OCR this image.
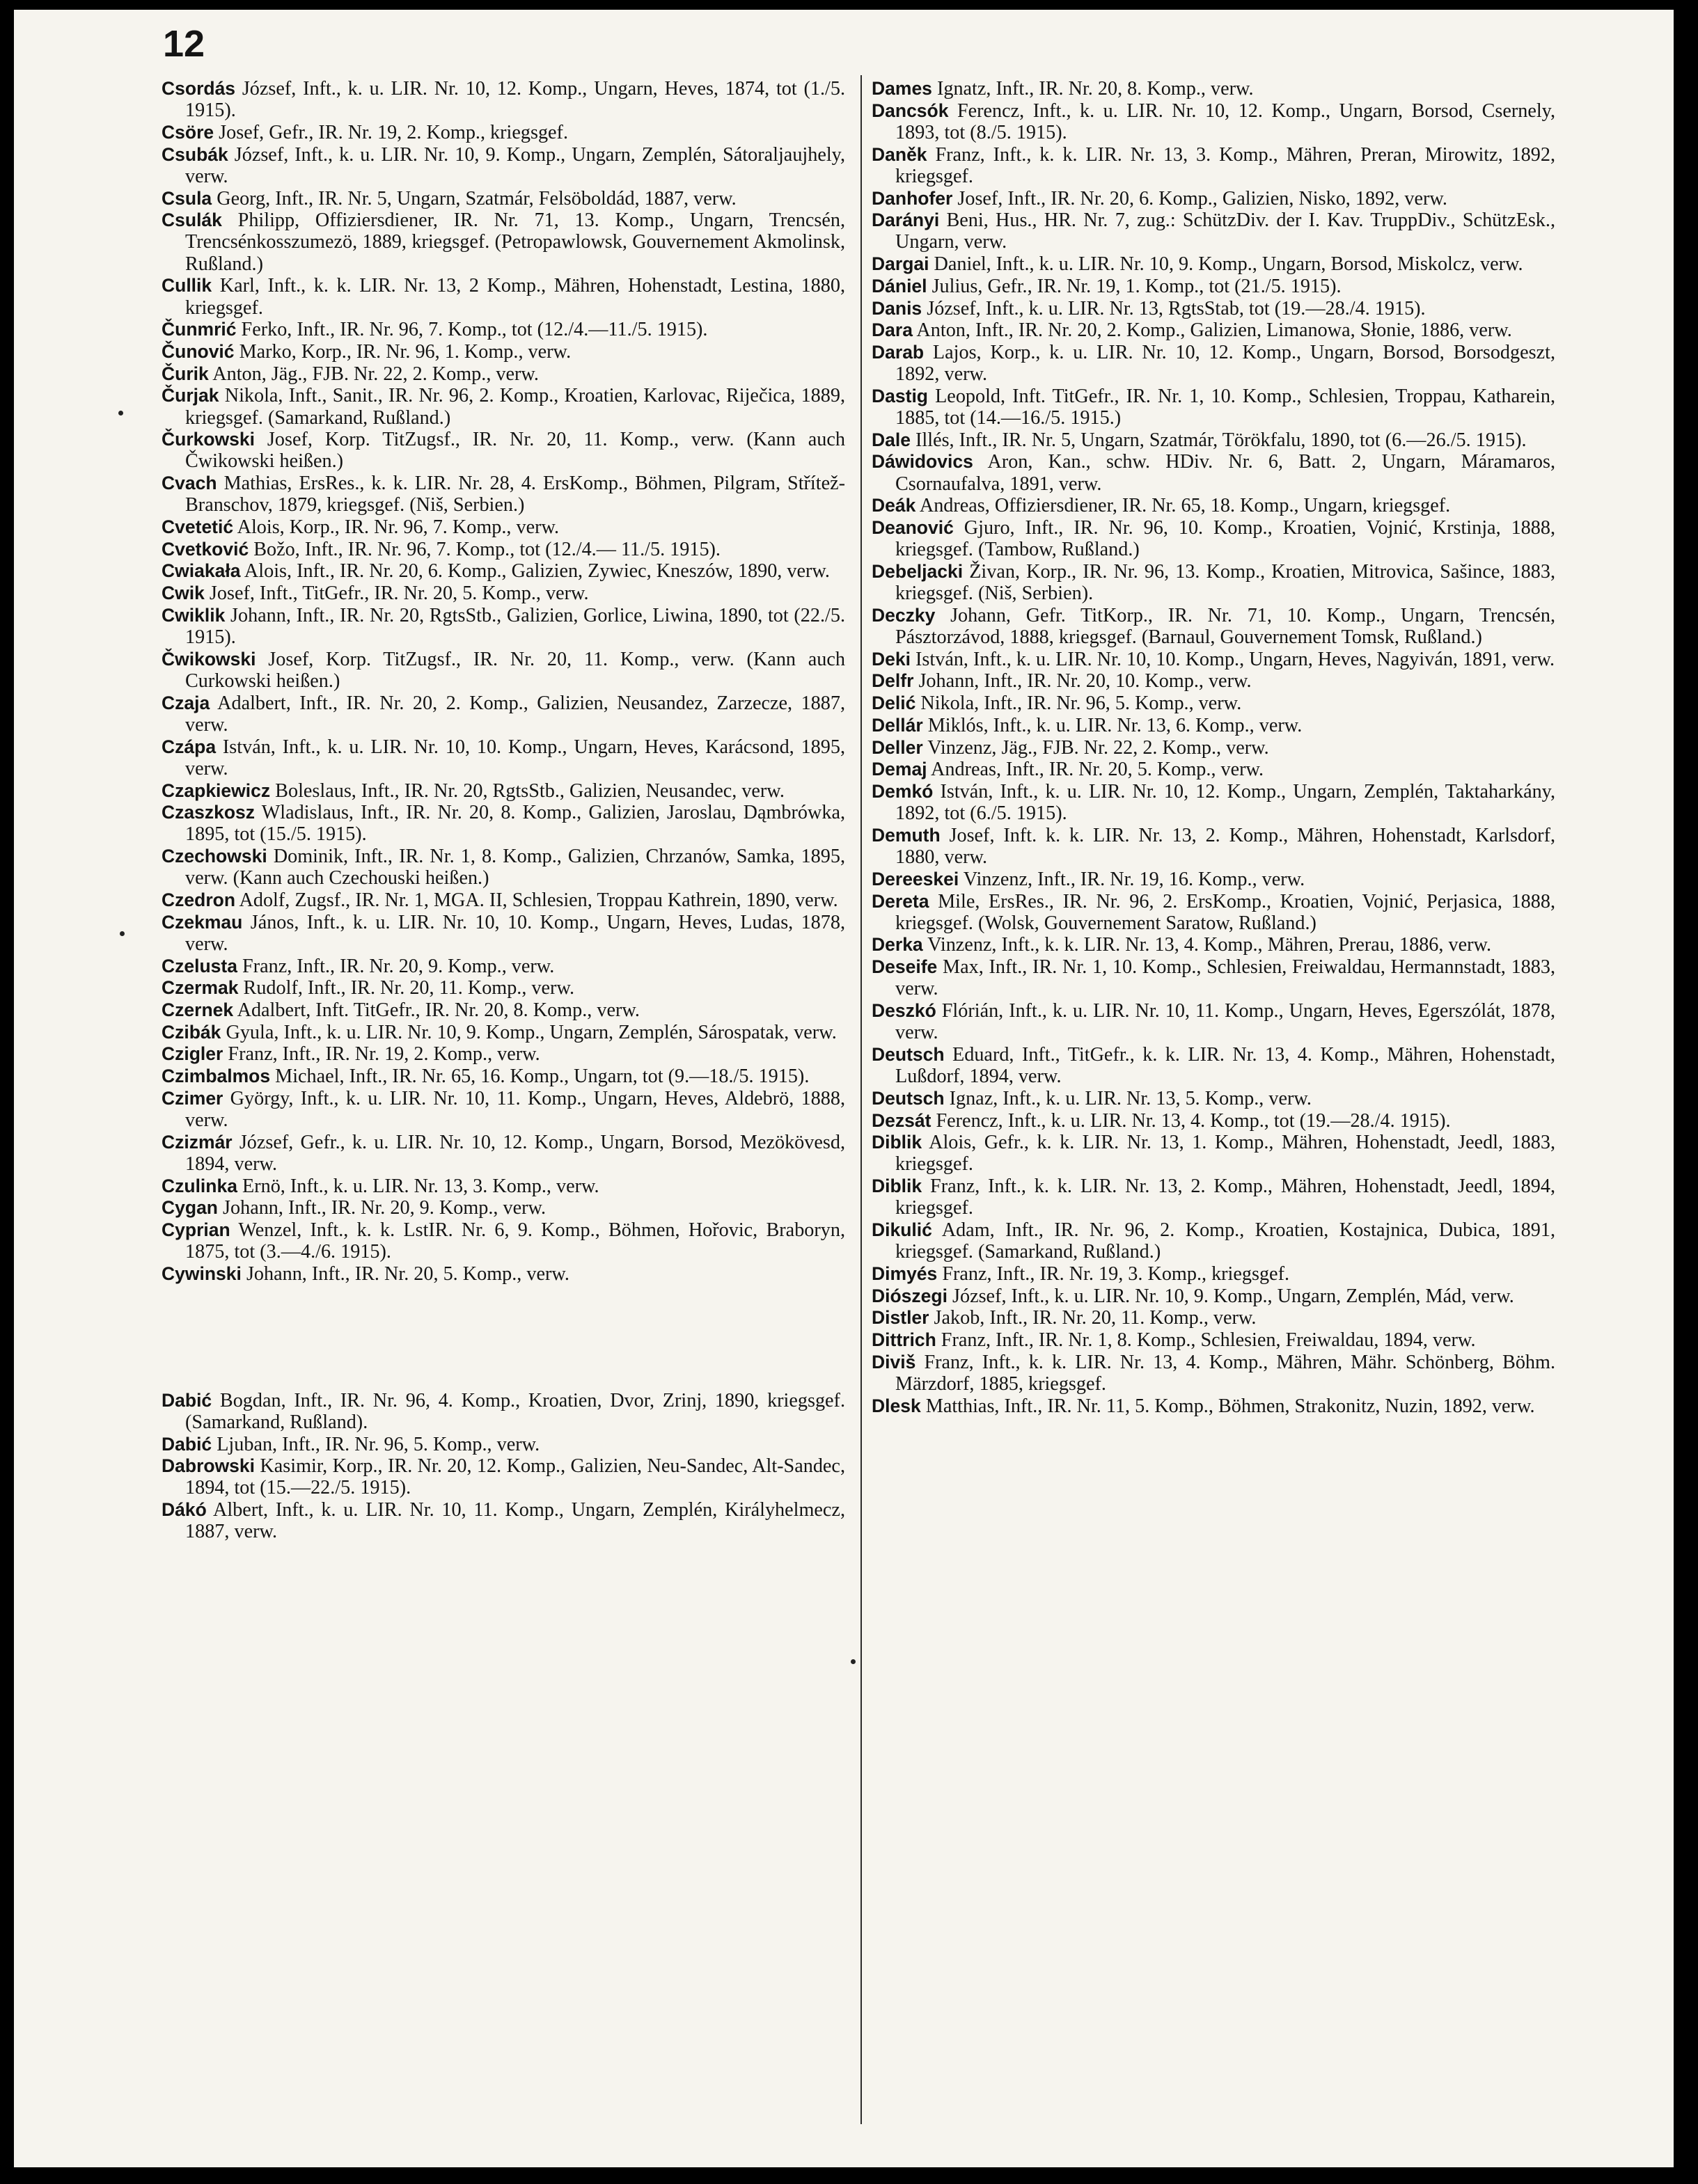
12
Csordás József, Inft., k. u. LIR. Nr. 10, 12. Komp., Ungarn, Heves, 1874, tot (1./5. 1915).
Csöre Josef, Gefr., IR. Nr. 19, 2. Komp., kriegsgef.
Csubák József, Inft., k. u. LIR. Nr. 10, 9. Komp., Ungarn, Zemplén, Sátoraljaujhely, verw.
Csula Georg, Inft., IR. Nr. 5, Ungarn, Szatmár, Felsöboldád, 1887, verw.
Csulák Philipp, Offiziersdiener, IR. Nr. 71, 13. Komp., Ungarn, Trencsén, Trencsénkosszumezö, 1889, kriegsgef. (Petropawlowsk, Gouvernement Akmolinsk, Rußland.)
Cullik Karl, Inft., k. k. LIR. Nr. 13, 2 Komp., Mähren, Hohenstadt, Lestina, 1880, kriegsgef.
Čunmrić Ferko, Inft., IR. Nr. 96, 7. Komp., tot (12./4.—11./5. 1915).
Čunović Marko, Korp., IR. Nr. 96, 1. Komp., verw.
Čurik Anton, Jäg., FJB. Nr. 22, 2. Komp., verw.
Čurjak Nikola, Inft., Sanit., IR. Nr. 96, 2. Komp., Kroatien, Karlovac, Riječica, 1889, kriegsgef. (Samarkand, Rußland.)
Čurkowski Josef, Korp. TitZugsf., IR. Nr. 20, 11. Komp., verw. (Kann auch Čwikowski heißen.)
Cvach Mathias, ErsRes., k. k. LIR. Nr. 28, 4. ErsKomp., Böhmen, Pilgram, Střítež-Branschov, 1879, kriegsgef. (Niš, Serbien.)
Cvetetić Alois, Korp., IR. Nr. 96, 7. Komp., verw.
Cvetković Božo, Inft., IR. Nr. 96, 7. Komp., tot (12./4.— 11./5. 1915).
Cwiakała Alois, Inft., IR. Nr. 20, 6. Komp., Galizien, Zywiec, Kneszów, 1890, verw.
Cwik Josef, Inft., TitGefr., IR. Nr. 20, 5. Komp., verw.
Cwiklik Johann, Inft., IR. Nr. 20, RgtsStb., Galizien, Gorlice, Liwina, 1890, tot (22./5. 1915).
Čwikowski Josef, Korp. TitZugsf., IR. Nr. 20, 11. Komp., verw. (Kann auch Curkowski heißen.)
Czaja Adalbert, Inft., IR. Nr. 20, 2. Komp., Galizien, Neusandez, Zarzecze, 1887, verw.
Czápa István, Inft., k. u. LIR. Nr. 10, 10. Komp., Ungarn, Heves, Karácsond, 1895, verw.
Czapkiewicz Boleslaus, Inft., IR. Nr. 20, RgtsStb., Galizien, Neusandec, verw.
Czaszkosz Wladislaus, Inft., IR. Nr. 20, 8. Komp., Galizien, Jaroslau, Dąmbrówka, 1895, tot (15./5. 1915).
Czechowski Dominik, Inft., IR. Nr. 1, 8. Komp., Galizien, Chrzanów, Samka, 1895, verw. (Kann auch Czechouski heißen.)
Czedron Adolf, Zugsf., IR. Nr. 1, MGA. II, Schlesien, Troppau Kathrein, 1890, verw.
Czekmau János, Inft., k. u. LIR. Nr. 10, 10. Komp., Ungarn, Heves, Ludas, 1878, verw.
Czelusta Franz, Inft., IR. Nr. 20, 9. Komp., verw.
Czermak Rudolf, Inft., IR. Nr. 20, 11. Komp., verw.
Czernek Adalbert, Inft. TitGefr., IR. Nr. 20, 8. Komp., verw.
Czibák Gyula, Inft., k. u. LIR. Nr. 10, 9. Komp., Ungarn, Zemplén, Sárospatak, verw.
Czigler Franz, Inft., IR. Nr. 19, 2. Komp., verw.
Czimbalmos Michael, Inft., IR. Nr. 65, 16. Komp., Ungarn, tot (9.—18./5. 1915).
Czimer György, Inft., k. u. LIR. Nr. 10, 11. Komp., Ungarn, Heves, Aldebrö, 1888, verw.
Czizmár József, Gefr., k. u. LIR. Nr. 10, 12. Komp., Ungarn, Borsod, Mezökövesd, 1894, verw.
Czulinka Ernö, Inft., k. u. LIR. Nr. 13, 3. Komp., verw.
Cygan Johann, Inft., IR. Nr. 20, 9. Komp., verw.
Cyprian Wenzel, Inft., k. k. LstIR. Nr. 6, 9. Komp., Böhmen, Hořovic, Braboryn, 1875, tot (3.—4./6. 1915).
Cywinski Johann, Inft., IR. Nr. 20, 5. Komp., verw.
Dabić Bogdan, Inft., IR. Nr. 96, 4. Komp., Kroatien, Dvor, Zrinj, 1890, kriegsgef. (Samarkand, Rußland).
Dabić Ljuban, Inft., IR. Nr. 96, 5. Komp., verw.
Dabrowski Kasimir, Korp., IR. Nr. 20, 12. Komp., Galizien, Neu-Sandec, Alt-Sandec, 1894, tot (15.—22./5. 1915).
Dákó Albert, Inft., k. u. LIR. Nr. 10, 11. Komp., Ungarn, Zemplén, Királyhelmecz, 1887, verw.
Dames Ignatz, Inft., IR. Nr. 20, 8. Komp., verw.
Dancsók Ferencz, Inft., k. u. LIR. Nr. 10, 12. Komp., Ungarn, Borsod, Csernely, 1893, tot (8./5. 1915).
Daněk Franz, Inft., k. k. LIR. Nr. 13, 3. Komp., Mähren, Preran, Mirowitz, 1892, kriegsgef.
Danhofer Josef, Inft., IR. Nr. 20, 6. Komp., Galizien, Nisko, 1892, verw.
Darányi Beni, Hus., HR. Nr. 7, zug.: SchützDiv. der I. Kav. TruppDiv., SchützEsk., Ungarn, verw.
Dargai Daniel, Inft., k. u. LIR. Nr. 10, 9. Komp., Ungarn, Borsod, Miskolcz, verw.
Dániel Julius, Gefr., IR. Nr. 19, 1. Komp., tot (21./5. 1915).
Danis József, Inft., k. u. LIR. Nr. 13, RgtsStab, tot (19.—28./4. 1915).
Dara Anton, Inft., IR. Nr. 20, 2. Komp., Galizien, Limanowa, Słonie, 1886, verw.
Darab Lajos, Korp., k. u. LIR. Nr. 10, 12. Komp., Ungarn, Borsod, Borsodgeszt, 1892, verw.
Dastig Leopold, Inft. TitGefr., IR. Nr. 1, 10. Komp., Schlesien, Troppau, Katharein, 1885, tot (14.—16./5. 1915.)
Dale Illés, Inft., IR. Nr. 5, Ungarn, Szatmár, Törökfalu, 1890, tot (6.—26./5. 1915).
Dáwidovics Aron, Kan., schw. HDiv. Nr. 6, Batt. 2, Ungarn, Máramaros, Csornaufalva, 1891, verw.
Deák Andreas, Offiziersdiener, IR. Nr. 65, 18. Komp., Ungarn, kriegsgef.
Deanović Gjuro, Inft., IR. Nr. 96, 10. Komp., Kroatien, Vojnić, Krstinja, 1888, kriegsgef. (Tambow, Rußland.)
Debeljacki Živan, Korp., IR. Nr. 96, 13. Komp., Kroatien, Mitrovica, Sašince, 1883, kriegsgef. (Niš, Serbien).
Deczky Johann, Gefr. TitKorp., IR. Nr. 71, 10. Komp., Ungarn, Trencsén, Pásztorzávod, 1888, kriegsgef. (Barnaul, Gouvernement Tomsk, Rußland.)
Deki István, Inft., k. u. LIR. Nr. 10, 10. Komp., Ungarn, Heves, Nagyiván, 1891, verw.
Delfr Johann, Inft., IR. Nr. 20, 10. Komp., verw.
Delić Nikola, Inft., IR. Nr. 96, 5. Komp., verw.
Dellár Miklós, Inft., k. u. LIR. Nr. 13, 6. Komp., verw.
Deller Vinzenz, Jäg., FJB. Nr. 22, 2. Komp., verw.
Demaj Andreas, Inft., IR. Nr. 20, 5. Komp., verw.
Demkó István, Inft., k. u. LIR. Nr. 10, 12. Komp., Ungarn, Zemplén, Taktaharkány, 1892, tot (6./5. 1915).
Demuth Josef, Inft. k. k. LIR. Nr. 13, 2. Komp., Mähren, Hohenstadt, Karlsdorf, 1880, verw.
Dereeskei Vinzenz, Inft., IR. Nr. 19, 16. Komp., verw.
Dereta Mile, ErsRes., IR. Nr. 96, 2. ErsKomp., Kroatien, Vojnić, Perjasica, 1888, kriegsgef. (Wolsk, Gouvernement Saratow, Rußland.)
Derka Vinzenz, Inft., k. k. LIR. Nr. 13, 4. Komp., Mähren, Prerau, 1886, verw.
Deseife Max, Inft., IR. Nr. 1, 10. Komp., Schlesien, Freiwaldau, Hermannstadt, 1883, verw.
Deszkó Flórián, Inft., k. u. LIR. Nr. 10, 11. Komp., Ungarn, Heves, Egerszólát, 1878, verw.
Deutsch Eduard, Inft., TitGefr., k. k. LIR. Nr. 13, 4. Komp., Mähren, Hohenstadt, Lußdorf, 1894, verw.
Deutsch Ignaz, Inft., k. u. LIR. Nr. 13, 5. Komp., verw.
Dezsát Ferencz, Inft., k. u. LIR. Nr. 13, 4. Komp., tot (19.—28./4. 1915).
Diblik Alois, Gefr., k. k. LIR. Nr. 13, 1. Komp., Mähren, Hohenstadt, Jeedl, 1883, kriegsgef.
Diblik Franz, Inft., k. k. LIR. Nr. 13, 2. Komp., Mähren, Hohenstadt, Jeedl, 1894, kriegsgef.
Dikulić Adam, Inft., IR. Nr. 96, 2. Komp., Kroatien, Kostajnica, Dubica, 1891, kriegsgef. (Samarkand, Rußland.)
Dimyés Franz, Inft., IR. Nr. 19, 3. Komp., kriegsgef.
Diószegi József, Inft., k. u. LIR. Nr. 10, 9. Komp., Ungarn, Zemplén, Mád, verw.
Distler Jakob, Inft., IR. Nr. 20, 11. Komp., verw.
Dittrich Franz, Inft., IR. Nr. 1, 8. Komp., Schlesien, Freiwaldau, 1894, verw.
Diviš Franz, Inft., k. k. LIR. Nr. 13, 4. Komp., Mähren, Mähr. Schönberg, Böhm. Märzdorf, 1885, kriegsgef.
Dlesk Matthias, Inft., IR. Nr. 11, 5. Komp., Böhmen, Strakonitz, Nuzin, 1892, verw.
